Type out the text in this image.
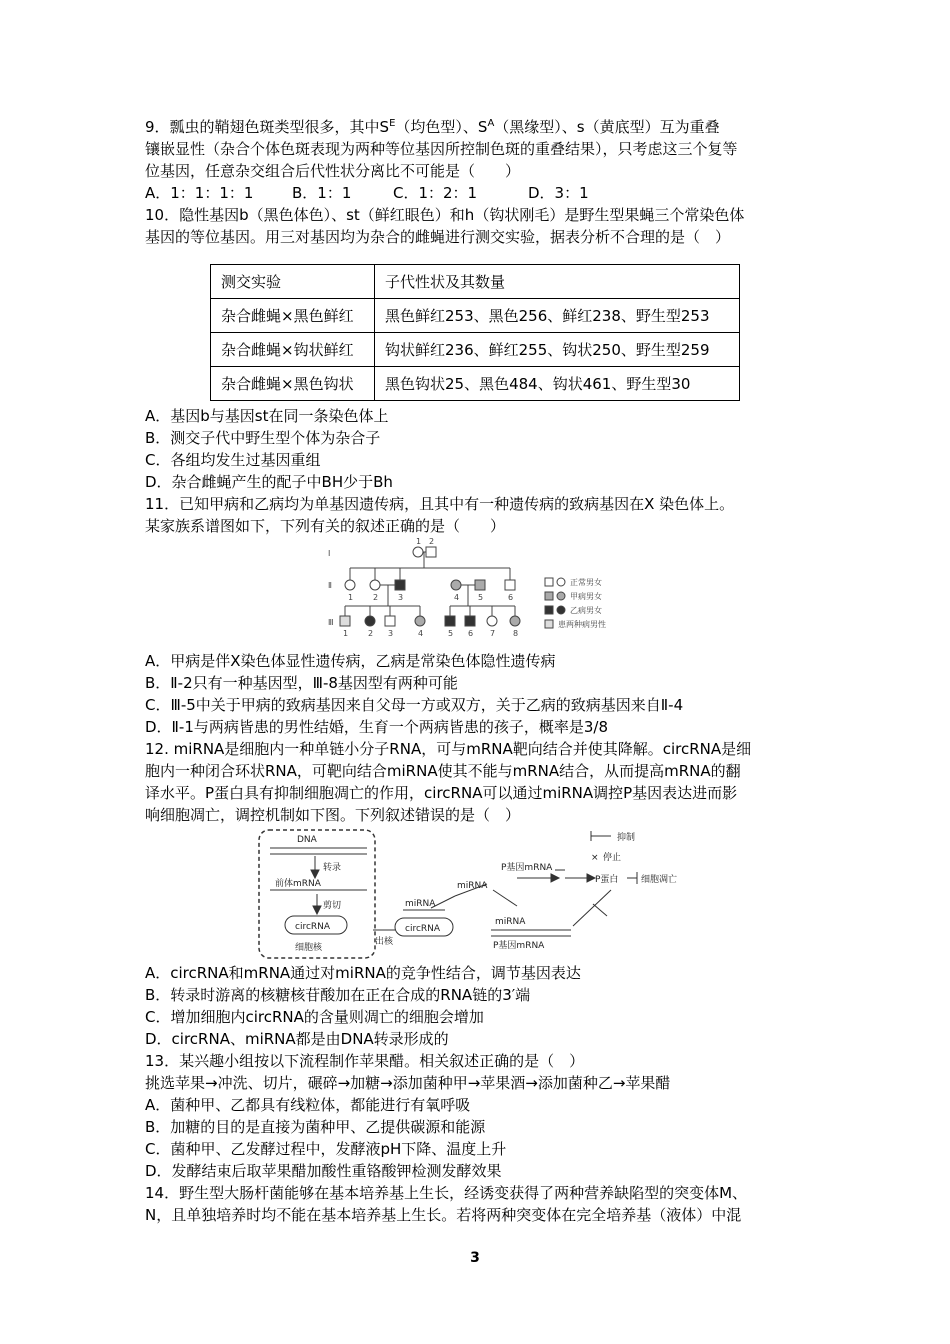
9．瓢虫的鞘翅色斑类型很多，其中$S^E$（均色型）、$S^A$（黑缘型）、s（黄底型）互为重叠
镶嵌显性（杂合个体色斑表现为两种等位基因所控制色斑的重叠结果），只考虑这三个复等
位基因，任意杂交组合后代性状分离比不可能是（　　）
A．1：1：1：1	B．1：1	C．1：2：1	D．3：1
10．隐性基因b（黑色体色）、st（鲜红眼色）和h（钩状刚毛）是野生型果蝇三个常染色体
基因的等位基因。用三对基因均为杂合的雌蝇进行测交实验，据表分析不合理的是（　）
测交实验	子代性状及其数量
杂合雌蝇×黑色鲜红	黑色鲜红253、黑色256、鲜红238、野生型253
杂合雌蝇×钩状鲜红	钩状鲜红236、鲜红255、钩状250、野生型259
杂合雌蝇×黑色钩状	黑色钩状25、黑色484、钩状461、野生型30
A．基因b与基因st在同一条染色体上
B．测交子代中野生型个体为杂合子
C．各组均发生过基因重组
D．杂合雌蝇产生的配子中BH少于Bh
11．已知甲病和乙病均为单基因遗传病，且其中有一种遗传病的致病基因在X 染色体上。
某家族系谱图如下，下列有关的叙述正确的是（　　）
Ⅰ
Ⅱ
Ⅲ
1 2
1 2 3	4 5	6
1 2 3	4	5 6 7 8
正常男女
甲病男女
乙病男女
患两种病男性
A．甲病是伴X染色体显性遗传病，乙病是常染色体隐性遗传病
B．Ⅱ-2只有一种基因型，Ⅲ-8基因型有两种可能
C．Ⅲ-5中关于甲病的致病基因来自父母一方或双方，关于乙病的致病基因来自Ⅱ-4
D．Ⅱ-1与两病皆患的男性结婚，生育一个两病皆患的孩子，概率是3/8
12. miRNA是细胞内一种单链小分子RNA，可与mRNA靶向结合并使其降解。circRNA是细
胞内一种闭合环状RNA，可靶向结合miRNA使其不能与mRNA结合，从而提高mRNA的翻
译水平。P蛋白具有抑制细胞凋亡的作用，circRNA可以通过miRNA调控P基因表达进而影
响细胞凋亡，调控机制如下图。下列叙述错误的是（　）
DNA
转录
前体mRNA
剪切
circRNA
细胞核
出核
circRNA
miRNA
miRNA
miRNA
P基因mRNA
P基因mRNA
P蛋白	细胞凋亡
抑制
× 停止
A．circRNA和mRNA通过对miRNA的竞争性结合，调节基因表达
B．转录时游离的核糖核苷酸加在正在合成的RNA链的3′端
C．增加细胞内circRNA的含量则凋亡的细胞会增加
D．circRNA、miRNA都是由DNA转录形成的
13．某兴趣小组按以下流程制作苹果醋。相关叙述正确的是（　）
挑选苹果→冲洗、切片，碾碎→加糖→添加菌种甲→苹果酒→添加菌种乙→苹果醋
A．菌种甲、乙都具有线粒体，都能进行有氧呼吸
B．加糖的目的是直接为菌种甲、乙提供碳源和能源
C．菌种甲、乙发酵过程中，发酵液pH下降、温度上升
D．发酵结束后取苹果醋加酸性重铬酸钾检测发酵效果
14．野生型大肠杆菌能够在基本培养基上生长，经诱变获得了两种营养缺陷型的突变体M、
N，且单独培养时均不能在基本培养基上生长。若将两种突变体在完全培养基（液体）中混
3
